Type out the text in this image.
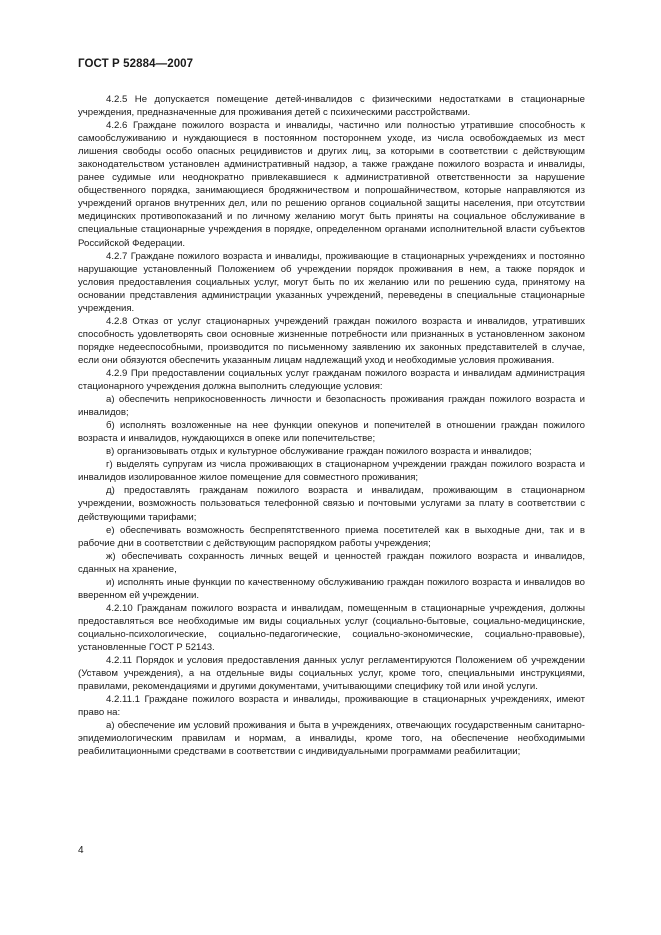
ГОСТ Р 52884—2007

4.2.5 Не допускается помещение детей-инвалидов с физическими недостатками в стационарные учреждения, предназначенные для проживания детей с психическими расстройствами.

4.2.6 Граждане пожилого возраста и инвалиды, частично или полностью утратившие способность к самообслуживанию и нуждающиеся в постоянном постороннем уходе, из числа освобождаемых из мест лишения свободы особо опасных рецидивистов и других лиц, за которыми в соответствии с действующим законодательством установлен административный надзор, а также граждане пожилого возраста и инвалиды, ранее судимые или неоднократно привлекавшиеся к административной ответственности за нарушение общественного порядка, занимающиеся бродяжничеством и попрошайничеством, которые направляются из учреждений органов внутренних дел, или по решению органов социальной защиты населения, при отсутствии медицинских противопоказаний и по личному желанию могут быть приняты на социальное обслуживание в специальные стационарные учреждения в порядке, определенном органами исполнительной власти субъектов Российской Федерации.

4.2.7 Граждане пожилого возраста и инвалиды, проживающие в стационарных учреждениях и постоянно нарушающие установленный Положением об учреждении порядок проживания в нем, а также порядок и условия предоставления социальных услуг, могут быть по их желанию или по решению суда, принятому на основании представления администрации указанных учреждений, переведены в специальные стационарные учреждения.

4.2.8 Отказ от услуг стационарных учреждений граждан пожилого возраста и инвалидов, утративших способность удовлетворять свои основные жизненные потребности или признанных в установленном законом порядке недееспособными, производится по письменному заявлению их законных представителей в случае, если они обязуются обеспечить указанным лицам надлежащий уход и необходимые условия проживания.

4.2.9 При предоставлении социальных услуг гражданам пожилого возраста и инвалидам администрация стационарного учреждения должна выполнить следующие условия:

а) обеспечить неприкосновенность личности и безопасность проживания граждан пожилого возраста и инвалидов;

б) исполнять возложенные на нее функции опекунов и попечителей в отношении граждан пожилого возраста и инвалидов, нуждающихся в опеке или попечительстве;

в) организовывать отдых и культурное обслуживание граждан пожилого возраста и инвалидов;

г) выделять супругам из числа проживающих в стационарном учреждении граждан пожилого возраста и инвалидов изолированное жилое помещение для совместного проживания;

д) предоставлять гражданам пожилого возраста и инвалидам, проживающим в стационарном учреждении, возможность пользоваться телефонной связью и почтовыми услугами за плату в соответствии с действующими тарифами;

е) обеспечивать возможность беспрепятственного приема посетителей как в выходные дни, так и в рабочие дни в соответствии с действующим распорядком работы учреждения;

ж) обеспечивать сохранность личных вещей и ценностей граждан пожилого возраста и инвалидов, сданных на хранение,

и) исполнять иные функции по качественному обслуживанию граждан пожилого возраста и инвалидов во вверенном ей учреждении.

4.2.10 Гражданам пожилого возраста и инвалидам, помещенным в стационарные учреждения, должны предоставляться все необходимые им виды социальных услуг (социально-бытовые, социально-медицинские, социально-психологические, социально-педагогические, социально-экономические, социально-правовые), установленные ГОСТ Р 52143.

4.2.11 Порядок и условия предоставления данных услуг регламентируются Положением об учреждении (Уставом учреждения), а на отдельные виды социальных услуг, кроме того, специальными инструкциями, правилами, рекомендациями и другими документами, учитывающими специфику той или иной услуги.

4.2.11.1 Граждане пожилого возраста и инвалиды, проживающие в стационарных учреждениях, имеют право на:

а) обеспечение им условий проживания и быта в учреждениях, отвечающих государственным санитарно-эпидемиологическим правилам и нормам, а инвалиды, кроме того, на обеспечение необходимыми реабилитационными средствами в соответствии с индивидуальными программами реабилитации;

4
